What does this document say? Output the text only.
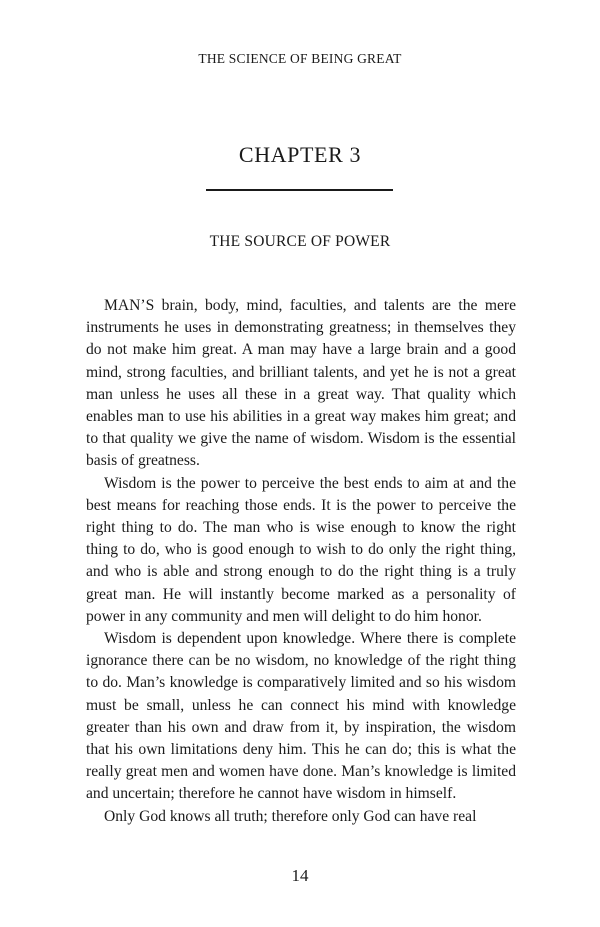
THE SCIENCE OF BEING GREAT
CHAPTER 3
THE SOURCE OF POWER

MAN’S brain, body, mind, faculties, and talents are the mere instruments he uses in demonstrating greatness; in themselves they do not make him great. A man may have a large brain and a good mind, strong faculties, and brilliant talents, and yet he is not a great man unless he uses all these in a great way. That quality which enables man to use his abilities in a great way makes him great; and to that quality we give the name of wisdom. Wisdom is the essential basis of greatness.

Wisdom is the power to perceive the best ends to aim at and the best means for reaching those ends. It is the power to perceive the right thing to do. The man who is wise enough to know the right thing to do, who is good enough to wish to do only the right thing, and who is able and strong enough to do the right thing is a truly great man. He will instantly become marked as a personality of power in any community and men will delight to do him honor.

Wisdom is dependent upon knowledge. Where there is complete ignorance there can be no wisdom, no knowledge of the right thing to do. Man’s knowledge is comparatively limited and so his wisdom must be small, unless he can connect his mind with knowledge greater than his own and draw from it, by inspiration, the wisdom that his own limitations deny him. This he can do; this is what the really great men and women have done. Man’s knowledge is limited and uncertain; therefore he cannot have wisdom in himself.

Only God knows all truth; therefore only God can have real

14
